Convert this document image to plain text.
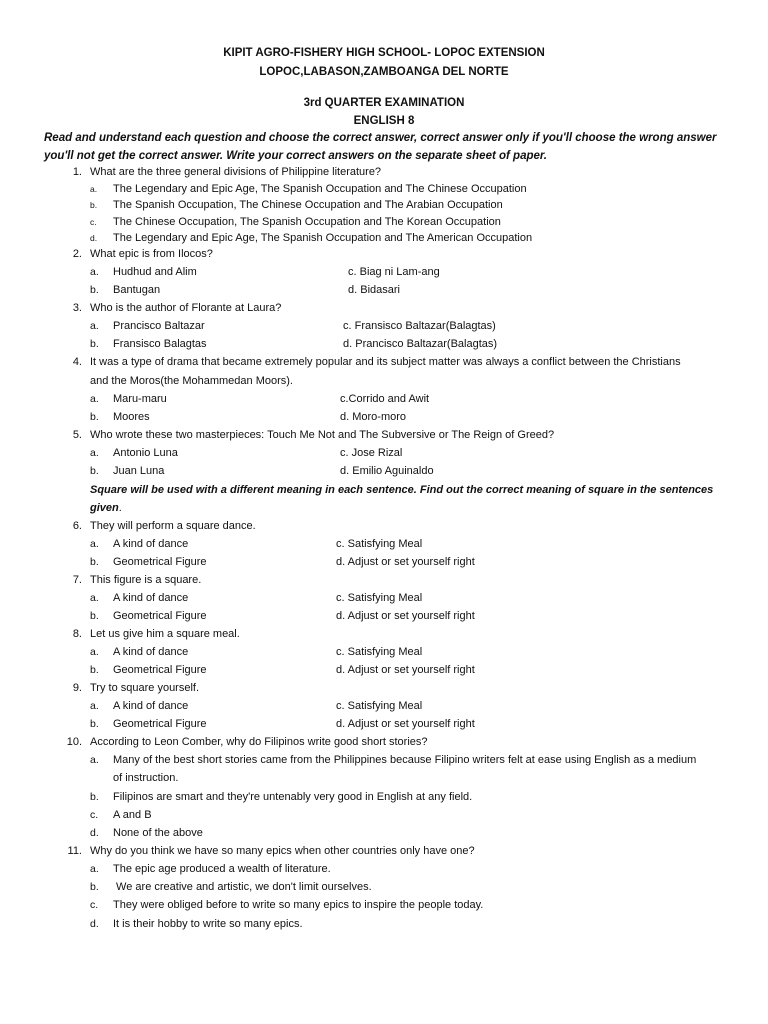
KIPIT AGRO-FISHERY HIGH SCHOOL- LOPOC EXTENSION
LOPOC,LABASON,ZAMBOANGA DEL NORTE
3rd QUARTER EXAMINATION
ENGLISH 8
Read and understand each question and choose the correct answer, correct answer only if you'll choose the wrong answer
you'll not get the correct answer. Write your correct answers on the separate sheet of paper.
1. What are the three general divisions of Philippine literature?
a. The Legendary and Epic Age, The Spanish Occupation and The Chinese Occupation
b. The Spanish Occupation, The Chinese Occupation and The Arabian Occupation
c. The Chinese Occupation, The Spanish Occupation and The Korean Occupation
d. The Legendary and Epic Age, The Spanish Occupation and The American Occupation
2. What epic is from Ilocos?
a. Hudhud and Alim	c. Biag ni Lam-ang
b. Bantugan	d. Bidasari
3. Who is the author of Florante at Laura?
a. Prancisco Baltazar	c. Fransisco Baltazar(Balagtas)
b. Fransisco Balagtas	d. Prancisco Baltazar(Balagtas)
4. It was a type of drama that became extremely popular and its subject matter was always a conflict between the Christians
and the Moros(the Mohammedan Moors).
a. Maru-maru	c.Corrido and Awit
b. Moores	d. Moro-moro
5. Who wrote these two masterpieces: Touch Me Not and The Subversive or The Reign of Greed?
a. Antonio Luna	c. Jose Rizal
b. Juan Luna	d. Emilio Aguinaldo
Square will be used with a different meaning in each sentence. Find out the correct meaning of square in the sentences
given.
6. They will perform a square dance.
a. A kind of dance	c. Satisfying Meal
b. Geometrical Figure	d. Adjust or set yourself right
7. This figure is a square.
a. A kind of dance	c. Satisfying Meal
b. Geometrical Figure	d. Adjust or set yourself right
8. Let us give him a square meal.
a. A kind of dance	c. Satisfying Meal
b. Geometrical Figure	d. Adjust or set yourself right
9. Try to square yourself.
a. A kind of dance	c. Satisfying Meal
b. Geometrical Figure	d. Adjust or set yourself right
10. According to Leon Comber, why do Filipinos write good short stories?
a. Many of the best short stories came from the Philippines because Filipino writers felt at ease using English as a medium
of instruction.
b. Filipinos are smart and they're untenably very good in English at any field.
c. A and B
d. None of the above
11. Why do you think we have so many epics when other countries only have one?
a. The epic age produced a wealth of literature.
b. We are creative and artistic, we don't limit ourselves.
c. They were obliged before to write so many epics to inspire the people today.
d. It is their hobby to write so many epics.
